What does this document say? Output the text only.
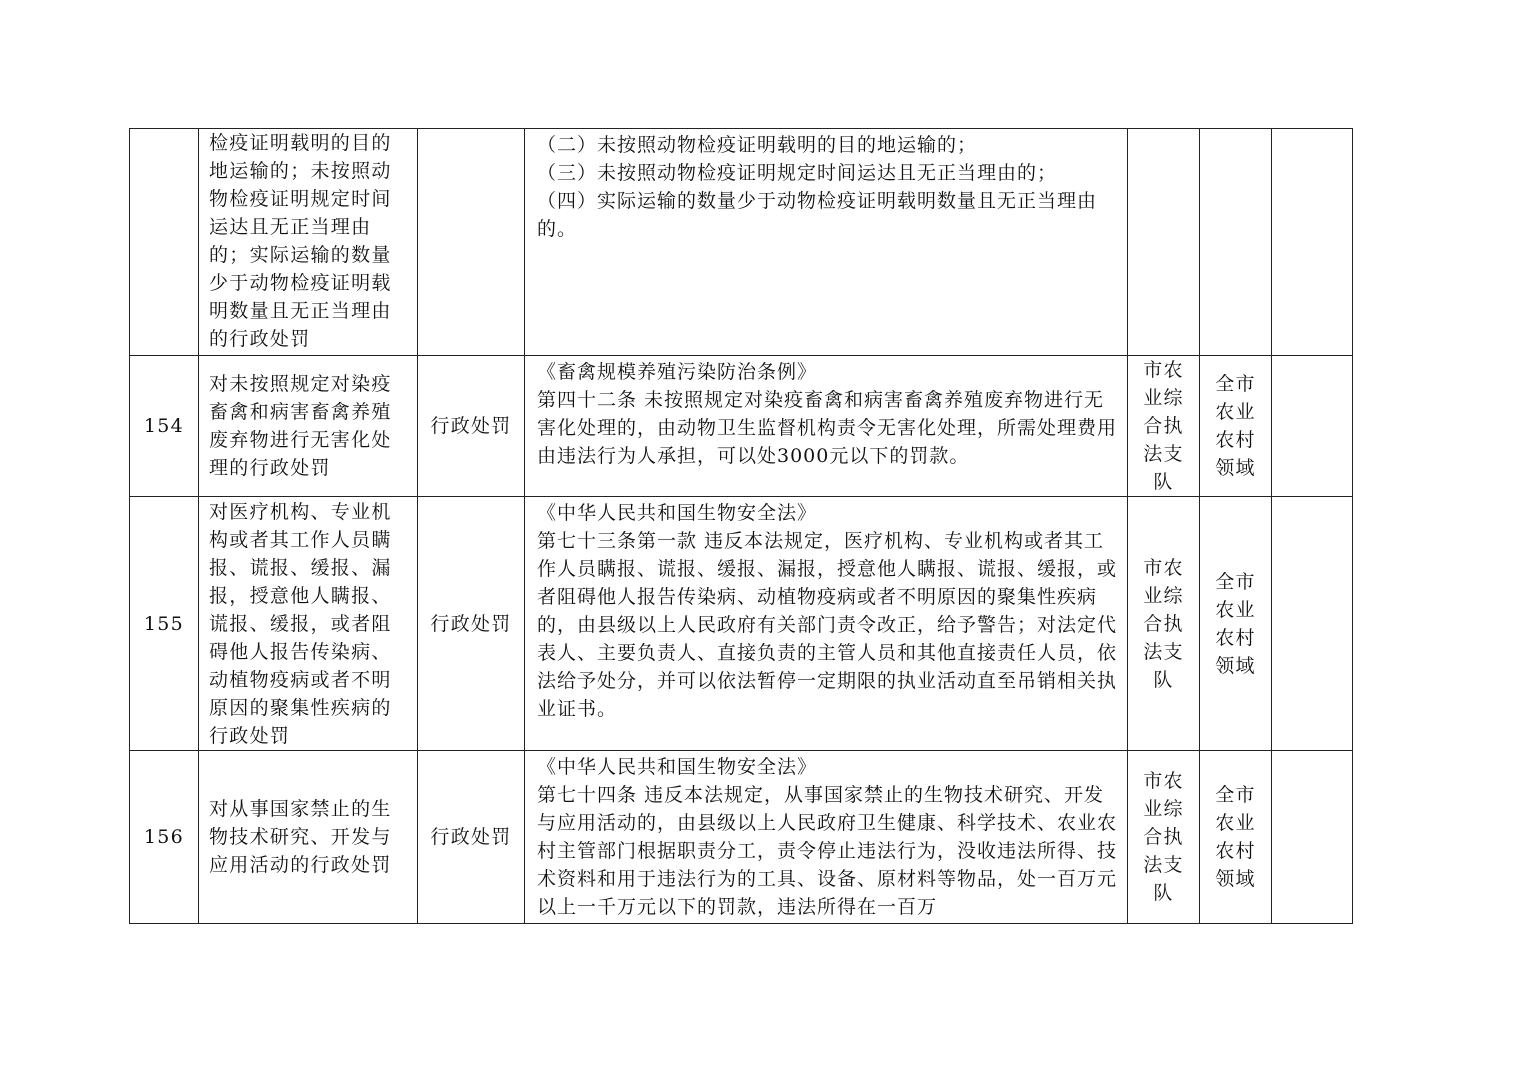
	检疫证明载明的目的地运输的；未按照动物检疫证明规定时间运达且无正当理由的；实际运输的数量少于动物检疫证明载明数量且无正当理由的行政处罚		（二）未按照动物检疫证明载明的目的地运输的；
（三）未按照动物检疫证明规定时间运达且无正当理由的；
（四）实际运输的数量少于动物检疫证明载明数量且无正当理由的。			

154	对未按照规定对染疫畜禽和病害畜禽养殖废弃物进行无害化处理的行政处罚	行政处罚	《畜禽规模养殖污染防治条例》
第四十二条 未按照规定对染疫畜禽和病害畜禽养殖废弃物进行无害化处理的，由动物卫生监督机构责令无害化处理，所需处理费用由违法行为人承担，可以处3000元以下的罚款。	市农业综合执法支队	全市农业农村领域	

155	对医疗机构、专业机构或者其工作人员瞒报、谎报、缓报、漏报，授意他人瞒报、谎报、缓报，或者阻碍他人报告传染病、动植物疫病或者不明原因的聚集性疾病的行政处罚	行政处罚	《中华人民共和国生物安全法》
第七十三条第一款 违反本法规定，医疗机构、专业机构或者其工作人员瞒报、谎报、缓报、漏报，授意他人瞒报、谎报、缓报，或者阻碍他人报告传染病、动植物疫病或者不明原因的聚集性疾病的，由县级以上人民政府有关部门责令改正，给予警告；对法定代表人、主要负责人、直接负责的主管人员和其他直接责任人员，依法给予处分，并可以依法暂停一定期限的执业活动直至吊销相关执业证书。	市农业综合执法支队	全市农业农村领域	

156	对从事国家禁止的生物技术研究、开发与应用活动的行政处罚	行政处罚	《中华人民共和国生物安全法》
第七十四条 违反本法规定，从事国家禁止的生物技术研究、开发与应用活动的，由县级以上人民政府卫生健康、科学技术、农业农村主管部门根据职责分工，责令停止违法行为，没收违法所得、技术资料和用于违法行为的工具、设备、原材料等物品，处一百万元以上一千万元以下的罚款，违法所得在一百万	市农业综合执法支队	全市农业农村领域	
